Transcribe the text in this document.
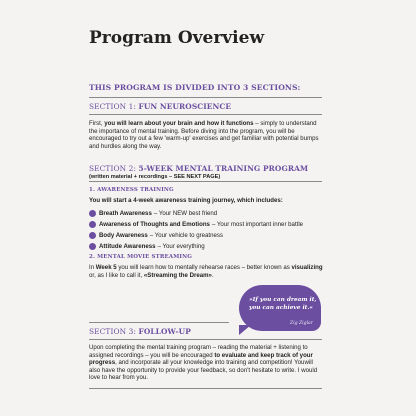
Program Overview
THIS PROGRAM IS DIVIDED INTO 3 SECTIONS:
SECTION 1: FUN NEUROSCIENCE
First, you will learn about your brain and how it functions – simply to understand the importance of mental training. Before diving into the program, you will be encouraged to try out a few 'warm-up' exercises and get familiar with potential bumps and hurdles along the way.
SECTION 2: 5-WEEK MENTAL TRAINING PROGRAM
(written material + recordings – SEE NEXT PAGE)
1. AWARENESS TRAINING
You will start a 4-week awareness training journey, which includes:
Breath Awareness – Your NEW best friend
Awareness of Thoughts and Emotions – Your most important inner battle
Body Awareness – Your vehicle to greatness
Attitude Awareness – Your everything
2. MENTAL MOVIE STREAMING
In Week 5 you will learn how to mentally rehearse races – better known as visualizing or, as I like to call it, «Streaming the Dream».
»If you can dream it, you can achieve it.«
Zig Ziglar
SECTION 3: FOLLOW-UP
Upon completing the mental training program – reading the material + listening to assigned recordings – you will be encouraged to evaluate and keep track of your progress, and incorporate all your knowledge into training and competition! Youwill also have the opportunity to provide your feedback, so don't hesitate to write. I would love to hear from you.
